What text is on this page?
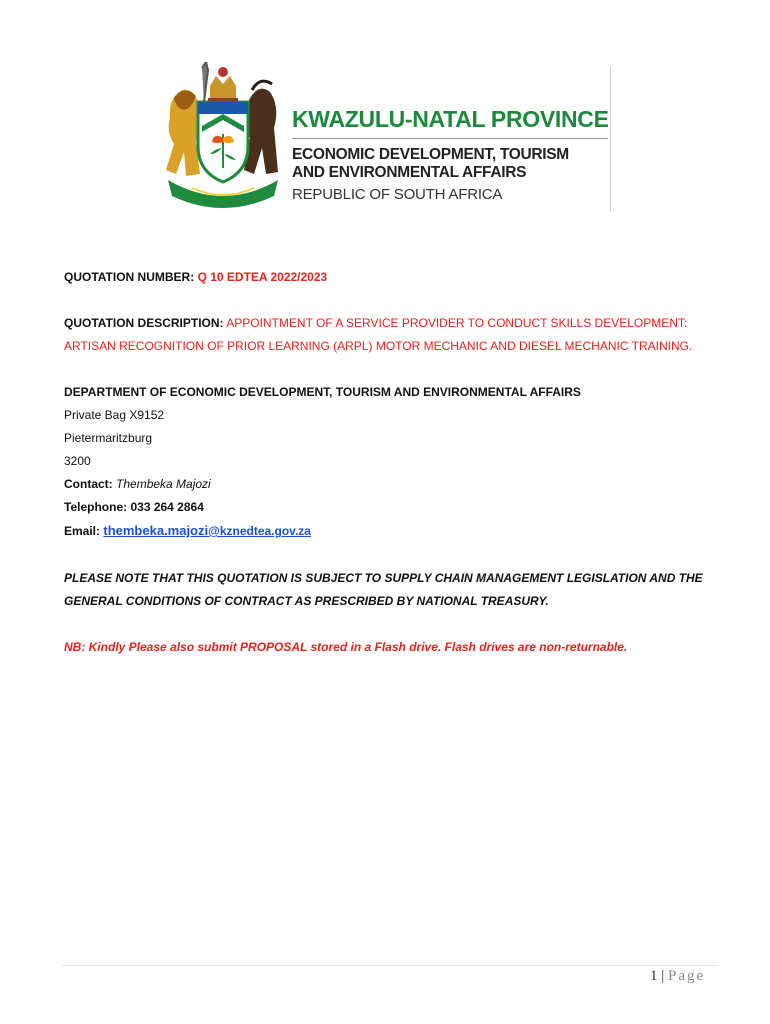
KWAZULU-NATAL PROVINCE
ECONOMIC DEVELOPMENT, TOURISM
AND ENVIRONMENTAL AFFAIRS
REPUBLIC OF SOUTH AFRICA
QUOTATION NUMBER: Q 10 EDTEA 2022/2023
QUOTATION DESCRIPTION: APPOINTMENT OF A SERVICE PROVIDER TO CONDUCT SKILLS DEVELOPMENT:
ARTISAN RECOGNITION OF PRIOR LEARNING (ARPL) MOTOR MECHANIC AND DIESEL MECHANIC TRAINING.
DEPARTMENT OF ECONOMIC DEVELOPMENT, TOURISM AND ENVIRONMENTAL AFFAIRS
Private Bag X9152
Pietermaritzburg
3200
Contact: Thembeka Majozi
Telephone: 033 264 2864
Email: thembeka.majozi@kznedtea.gov.za
PLEASE NOTE THAT THIS QUOTATION IS SUBJECT TO SUPPLY CHAIN MANAGEMENT LEGISLATION AND THE
GENERAL CONDITIONS OF CONTRACT AS PRESCRIBED BY NATIONAL TREASURY.
NB: Kindly Please also submit PROPOSAL stored in a Flash drive. Flash drives are non-returnable.
1 | Page
